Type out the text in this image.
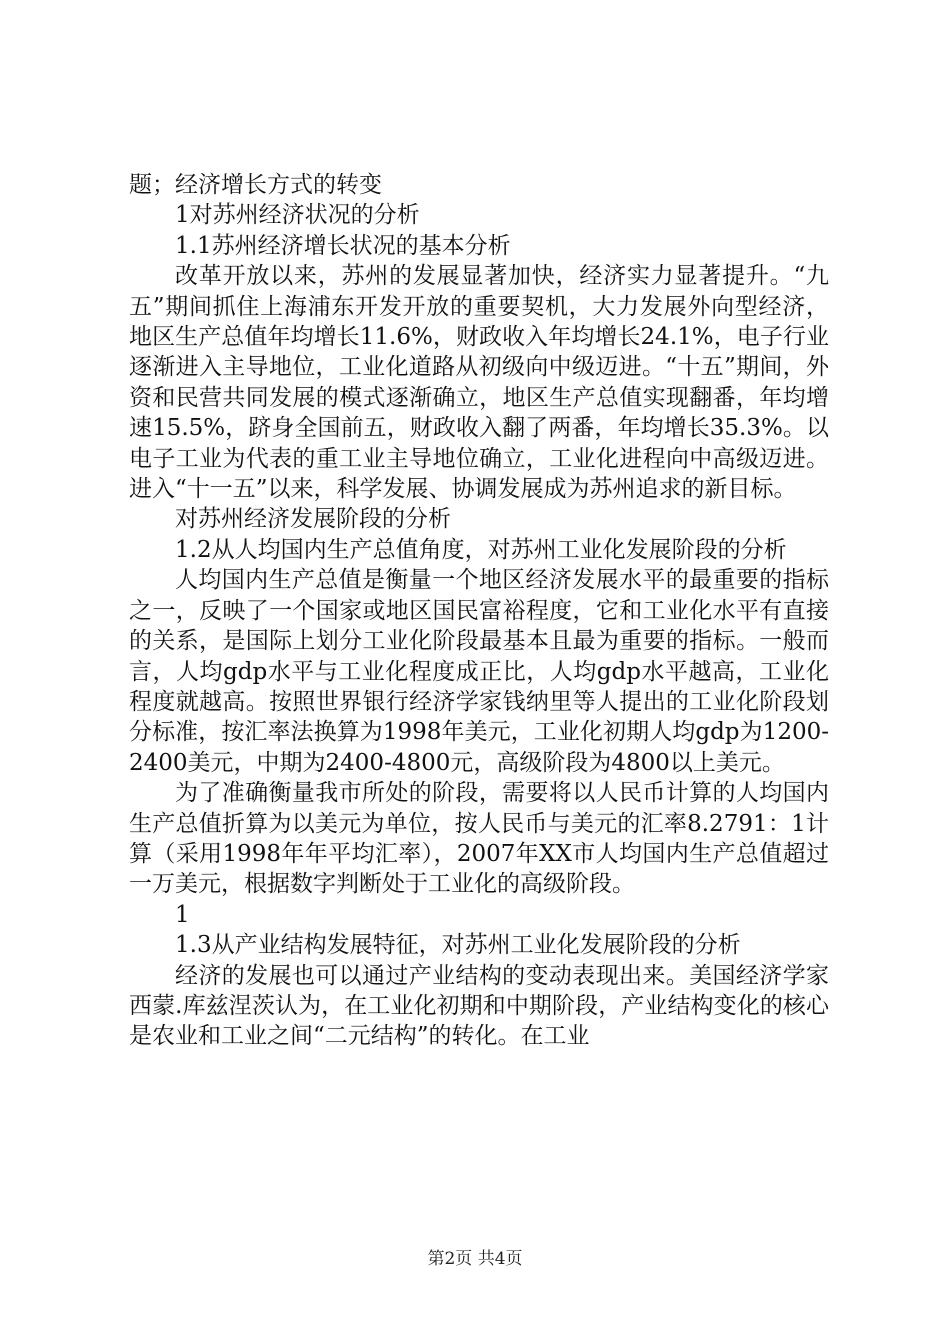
题；经济增长方式的转变

1对苏州经济状况的分析

1.1苏州经济增长状况的基本分析

改革开放以来，苏州的发展显著加快，经济实力显著提升。“九五”期间抓住上海浦东开发开放的重要契机，大力发展外向型经济，地区生产总值年均增长11.6%，财政收入年均增长24.1%，电子行业逐渐进入主导地位，工业化道路从初级向中级迈进。“十五”期间，外资和民营共同发展的模式逐渐确立，地区生产总值实现翻番，年均增速15.5%，跻身全国前五，财政收入翻了两番，年均增长35.3%。以电子工业为代表的重工业主导地位确立，工业化进程向中高级迈进。进入“十一五”以来，科学发展、协调发展成为苏州追求的新目标。

对苏州经济发展阶段的分析

1.2从人均国内生产总值角度，对苏州工业化发展阶段的分析

人均国内生产总值是衡量一个地区经济发展水平的最重要的指标之一，反映了一个国家或地区国民富裕程度，它和工业化水平有直接的关系，是国际上划分工业化阶段最基本且最为重要的指标。一般而言，人均gdp水平与工业化程度成正比，人均gdp水平越高，工业化程度就越高。按照世界银行经济学家钱纳里等人提出的工业化阶段划分标准，按汇率法换算为1998年美元，工业化初期人均gdp为1200-2400美元，中期为2400-4800元，高级阶段为4800以上美元。

为了准确衡量我市所处的阶段，需要将以人民币计算的人均国内生产总值折算为以美元为单位，按人民币与美元的汇率8.2791：1计算（采用1998年年平均汇率），2007年XX市人均国内生产总值超过一万美元，根据数字判断处于工业化的高级阶段。

1

1.3从产业结构发展特征，对苏州工业化发展阶段的分析

经济的发展也可以通过产业结构的变动表现出来。美国经济学家西蒙.库兹涅茨认为，在工业化初期和中期阶段，产业结构变化的核心是农业和工业之间“二元结构”的转化。在工业

第2页 共4页
